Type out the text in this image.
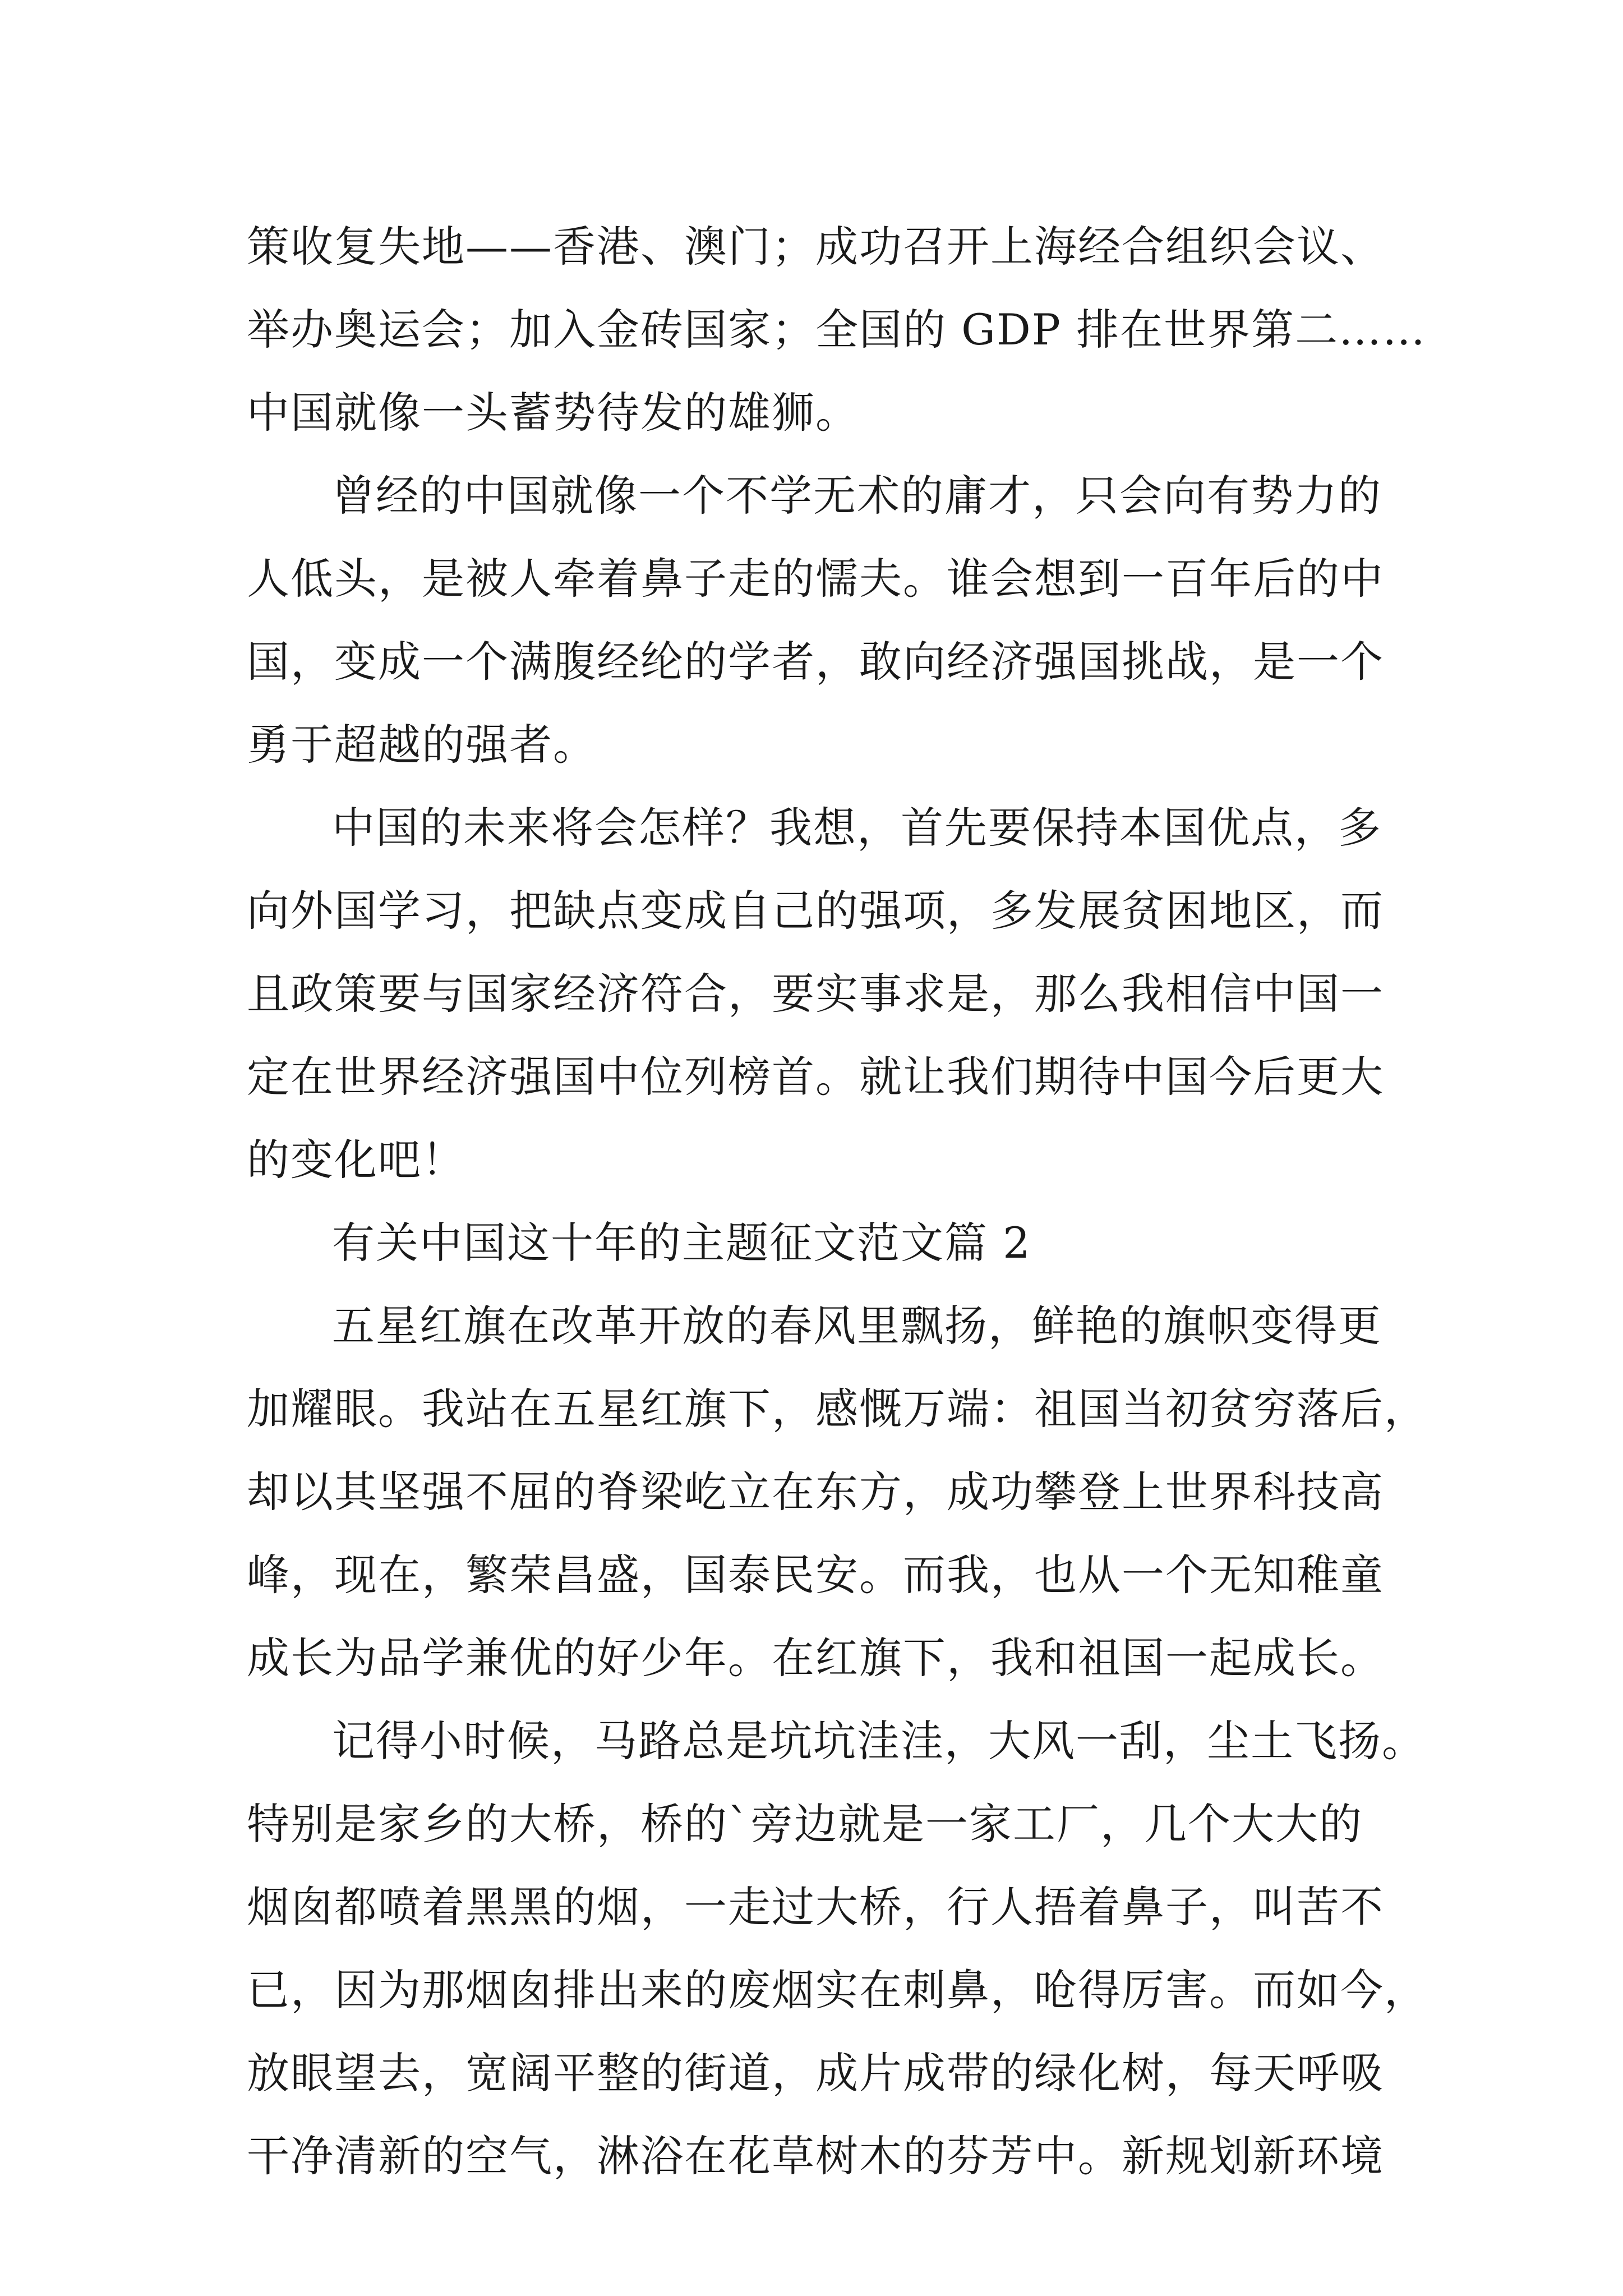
策收复失地——香港、澳门；成功召开上海经合组织会议、
举办奥运会；加入金砖国家；全国的 GDP 排在世界第二……
中国就像一头蓄势待发的雄狮。
曾经的中国就像一个不学无术的庸才，只会向有势力的
人低头，是被人牵着鼻子走的懦夫。谁会想到一百年后的中
国，变成一个满腹经纶的学者，敢向经济强国挑战，是一个
勇于超越的强者。
中国的未来将会怎样？我想，首先要保持本国优点，多
向外国学习，把缺点变成自己的强项，多发展贫困地区，而
且政策要与国家经济符合，要实事求是，那么我相信中国一
定在世界经济强国中位列榜首。就让我们期待中国今后更大
的变化吧！
有关中国这十年的主题征文范文篇 2
五星红旗在改革开放的春风里飘扬，鲜艳的旗帜变得更
加耀眼。我站在五星红旗下，感慨万端：祖国当初贫穷落后，
却以其坚强不屈的脊梁屹立在东方，成功攀登上世界科技高
峰，现在，繁荣昌盛，国泰民安。而我，也从一个无知稚童
成长为品学兼优的好少年。在红旗下，我和祖国一起成长。
记得小时候，马路总是坑坑洼洼，大风一刮，尘土飞扬。
特别是家乡的大桥，桥的`旁边就是一家工厂，几个大大的
烟囱都喷着黑黑的烟，一走过大桥，行人捂着鼻子，叫苦不
已，因为那烟囱排出来的废烟实在刺鼻，呛得厉害。而如今，
放眼望去，宽阔平整的街道，成片成带的绿化树，每天呼吸
干净清新的空气，淋浴在花草树木的芬芳中。新规划新环境
